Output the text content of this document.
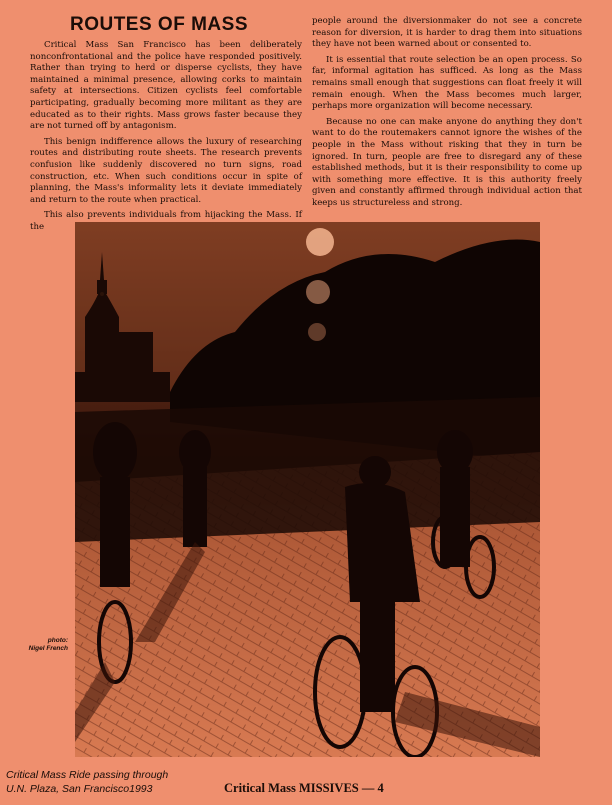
ROUTES OF MASS

Critical Mass San Francisco has been deliberately nonconfrontational and the police have responded positively. Rather than trying to herd or disperse cyclists, they have maintained a minimal presence, allowing corks to maintain safety at intersections. Citizen cyclists feel comfortable participating, gradually becoming more militant as they are educated as to their rights. Mass grows faster because they are not turned off by antagonism.

This benign indifference allows the luxury of researching routes and distributing route sheets. The research prevents confusion like suddenly discovered no turn signs, road construction, etc. When such conditions occur in spite of planning, the Mass's informality lets it deviate immediately and return to the route when practical.

This also prevents individuals from hijacking the Mass. If the

people around the diversionmaker do not see a concrete reason for diversion, it is harder to drag them into situations they have not been warned about or consented to.

It is essential that route selection be an open process. So far, informal agitation has sufficed. As long as the Mass remains small enough that suggestions can float freely it will remain enough. When the Mass becomes much larger, perhaps more organization will become necessary.

Because no one can make anyone do anything they don't want to do the routemakers cannot ignore the wishes of the people in the Mass without risking that they in turn be ignored. In turn, people are free to disregard any of these established methods, but it is their responsibility to come up with something more effective. It is this authority freely given and constantly affirmed through individual action that keeps us structureless and strong.

photo:
Nigel French
Critical Mass Ride passing through
U.N. Plaza, San Francisco1993	Critical Mass MISSIVES — 4
